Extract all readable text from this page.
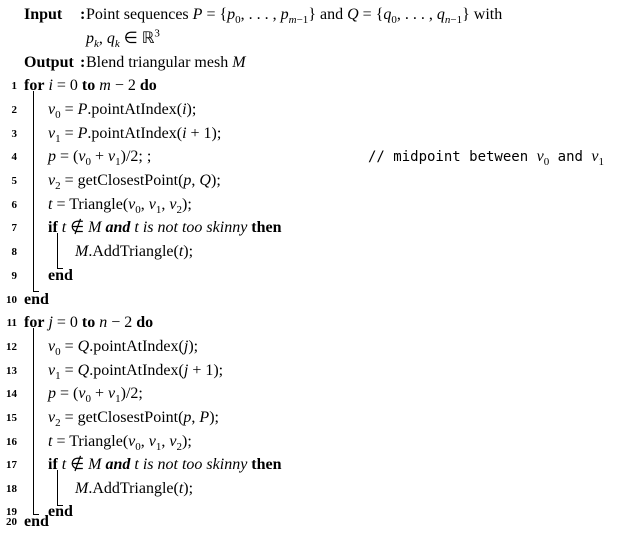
Input : Point sequences $P = \{p_0$, . . . , $p_{m-1}$} and $Q = \{q_0$, . . . , $q_{n-1}$} with
$p_k$, $q_k$ ∈ ℝ$^3$
Output : Blend triangular mesh M
1 for i = 0 to m − 2 do
2 $v_0$ = P.pointAtIndex(i);
3 $v_1$ = P.pointAtIndex(i + 1);
4 $p = (v_0 + v_1)/2$; ;	// midpoint between $v_0$ and $v_1$
5 $v_2$ = getClosestPoint(p, Q);
6 $t = Triangle(v_0$, $v_1$, $v_2$);
7 if t ∉ M and t is not too skinny then
8	M.AddTriangle(t);
9 end
10 end
11 for j = 0 to n − 2 do
12 $v_0$ = Q.pointAtIndex(j);
13 $v_1$ = Q.pointAtIndex(j + 1);
14 $p = (v_0 + v_1)/2$;
15 $v_2$ = getClosestPoint(p, P);
16 $t = Triangle(v_0$, $v_1$, $v_2$);
17 if t ∉ M and t is not too skinny then
18	M.AddTriangle(t);
19 end
20 end
